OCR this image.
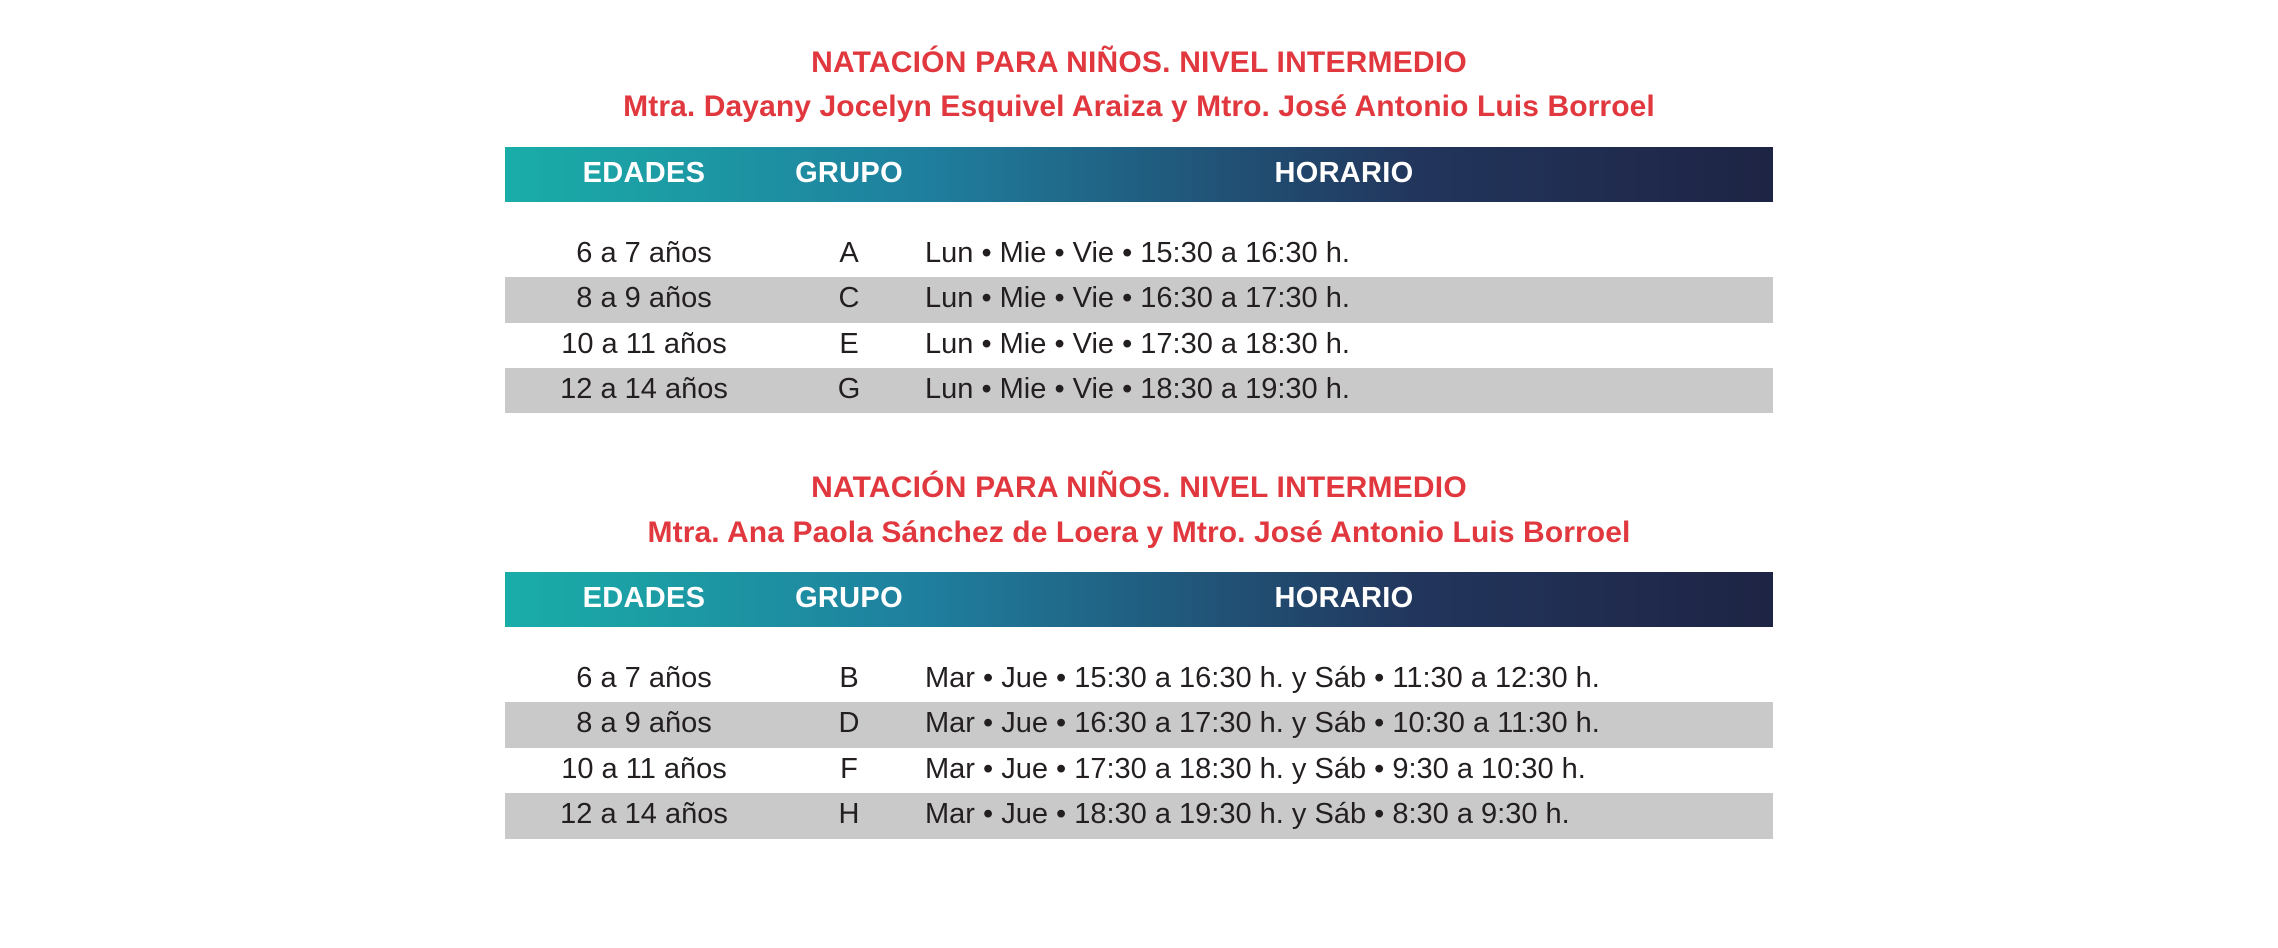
NATACIÓN PARA NIÑOS. NIVEL INTERMEDIO
Mtra. Dayany Jocelyn Esquivel Araiza y Mtro. José Antonio Luis Borroel
EDADES	GRUPO	HORARIO

6 a 7 años	A	Lun • Mie • Vie • 15:30 a 16:30 h.
8 a 9 años	C	Lun • Mie • Vie • 16:30 a 17:30 h.
10 a 11 años	E	Lun • Mie • Vie • 17:30 a 18:30 h.
12 a 14 años	G	Lun • Mie • Vie • 18:30 a 19:30 h.
NATACIÓN PARA NIÑOS. NIVEL INTERMEDIO
Mtra. Ana Paola Sánchez de Loera y Mtro. José Antonio Luis Borroel
EDADES	GRUPO	HORARIO

6 a 7 años	B	Mar • Jue • 15:30 a 16:30 h. y Sáb • 11:30 a 12:30 h.
8 a 9 años	D	Mar • Jue • 16:30 a 17:30 h. y Sáb • 10:30 a 11:30 h.
10 a 11 años	F	Mar • Jue • 17:30 a 18:30 h. y Sáb • 9:30 a 10:30 h.
12 a 14 años	H	Mar • Jue • 18:30 a 19:30 h. y Sáb • 8:30 a 9:30 h.
